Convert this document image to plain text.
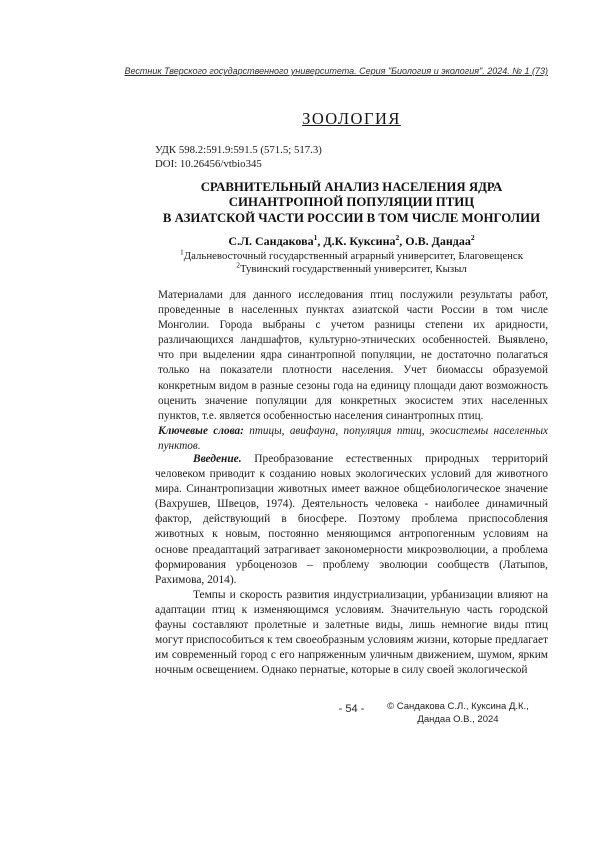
Вестник Тверского государственного университета. Серия "Биология и экология". 2024. № 1 (73)
ЗООЛОГИЯ
УДК 598.2:591.9:591.5 (571.5; 517.3)
DOI: 10.26456/vtbio345
СРАВНИТЕЛЬНЫЙ АНАЛИЗ НАСЕЛЕНИЯ ЯДРА
СИНАНТРОПНОЙ ПОПУЛЯЦИИ ПТИЦ
В АЗИАТСКОЙ ЧАСТИ РОССИИ В ТОМ ЧИСЛЕ МОНГОЛИИ
С.Л. Сандакова$^1$, Д.К. Куксина$^2$, О.В. Дандаа$^2$
$^1$Дальневосточный государственный аграрный университет, Благовещенск
$^2$Тувинский государственный университет, Кызыл

Материалами для данного исследования птиц послужили результаты работ, проведенные в населенных пунктах азиатской части России в том числе Монголии. Города выбраны с учетом разницы степени их аридности, различающихся ландшафтов, культурно-этнических особенностей. Выявлено, что при выделении ядра синантропной популяции, не достаточно полагаться только на показатели плотности населения. Учет биомассы образуемой конкретным видом в разные сезоны года на единицу площади дают возможность оценить значение популяции для конкретных экосистем этих населенных пунктов, т.е. является особенностью населения синантропных птиц.

Ключевые слова: птицы, авифауна, популяция птиц, экосистемы населенных пунктов.

Введение. Преобразование естественных природных территорий человеком приводит к созданию новых экологических условий для животного мира. Синантропизации животных имеет важное общебиологическое значение (Вахрушев, Швецов, 1974). Деятельность человека - наиболее динамичный фактор, действующий в биосфере. Поэтому проблема приспособления животных к новым, постоянно меняющимся антропогенным условиям на основе преадаптаций затрагивает закономерности микроэволюции, а проблема формирования урбоценозов – проблему эволюции сообществ (Латыпов, Рахимова, 2014).

Темпы и скорость развития индустриализации, урбанизации влияют на адаптации птиц к изменяющимся условиям. Значительную часть городской фауны составляют пролетные и залетные виды, лишь немногие виды птиц могут приспособиться к тем своеобразным условиям жизни, которые предлагает им современный город с его напряженным уличным движением, шумом, ярким ночным освещением. Однако пернатые, которые в силу своей экологической

- 54 -	© Сандакова С.Л., Куксина Д.К.,
Дандаа О.В., 2024
